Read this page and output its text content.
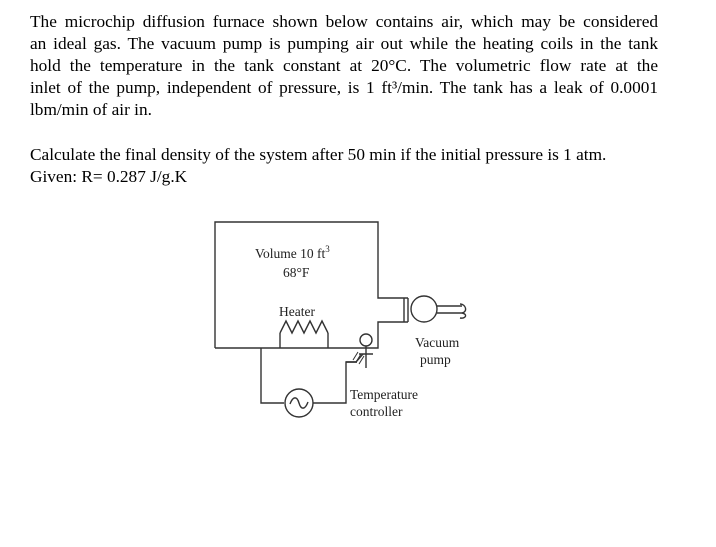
The microchip diffusion furnace shown below contains air, which may be considered
an ideal gas. The vacuum pump is pumping air out while the heating coils in the tank
hold the temperature in the tank constant at 20°C. The volumetric flow rate at the
inlet of the pump, independent of pressure, is 1 ft³/min. The tank has a leak of 0.0001
lbm/min of air in.
Calculate the final density of the system after 50 min if the initial pressure is 1 atm.
Given: R= 0.287 J/g.K
Volume 10 $ft^3$
68°F
Heater
Vacuum
pump
Temperature
controller
